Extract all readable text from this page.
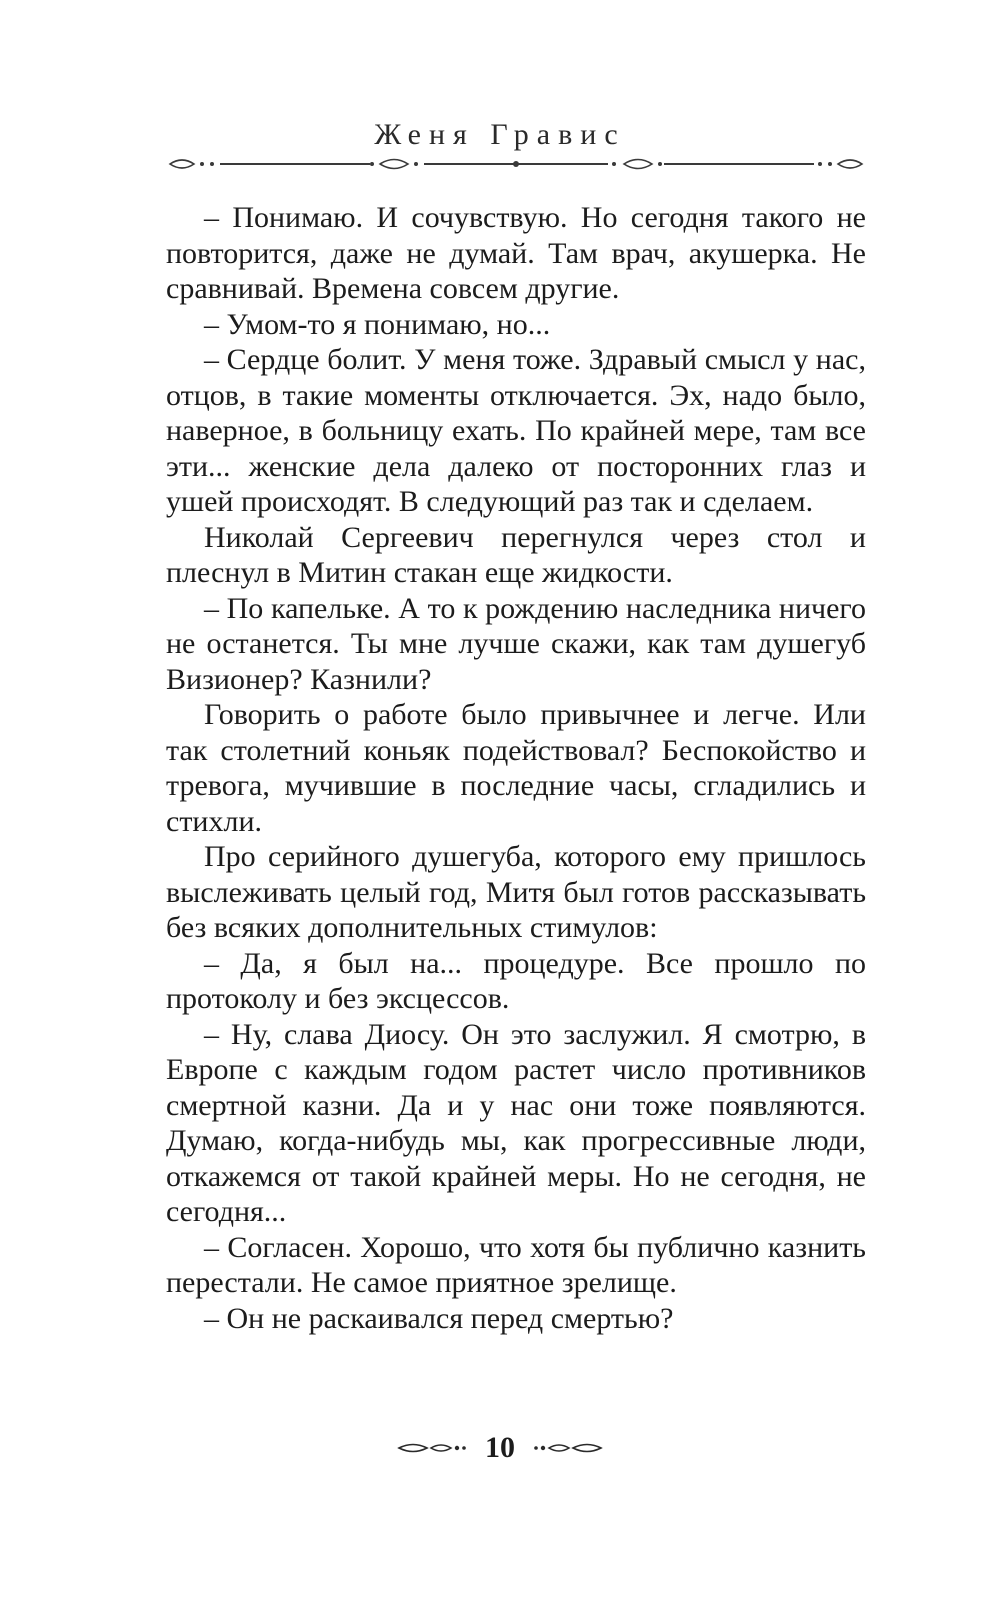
Женя Гравис

– Понимаю. И сочувствую. Но сегодня такого не повторится, даже не думай. Там врач, акушерка. Не сравнивай. Времена совсем другие.

– Умом-то я понимаю, но...

– Сердце болит. У меня тоже. Здравый смысл у нас, отцов, в такие моменты отключается. Эх, надо было, наверное, в больницу ехать. По крайней мере, там все эти... женские дела далеко от посторонних глаз и ушей происходят. В следующий раз так и сделаем.

Николай Сергеевич перегнулся через стол и плеснул в Митин стакан еще жидкости.

– По капельке. А то к рождению наследника ничего не останется. Ты мне лучше скажи, как там душегуб Визионер? Казнили?

Говорить о работе было привычнее и легче. Или так столетний коньяк подействовал? Беспокойство и тревога, мучившие в последние часы, сгладились и стихли.

Про серийного душегуба, которого ему пришлось выслеживать целый год, Митя был готов рассказывать без всяких дополнительных стимулов:

– Да, я был на... процедуре. Все прошло по протоколу и без эксцессов.

– Ну, слава Диосу. Он это заслужил. Я смотрю, в Европе с каждым годом растет число противников смертной казни. Да и у нас они тоже появляются. Думаю, когда-нибудь мы, как прогрессивные люди, откажемся от такой крайней меры. Но не сегодня, не сегодня...

– Согласен. Хорошо, что хотя бы публично казнить перестали. Не самое приятное зрелище.

– Он не раскаивался перед смертью?

10
